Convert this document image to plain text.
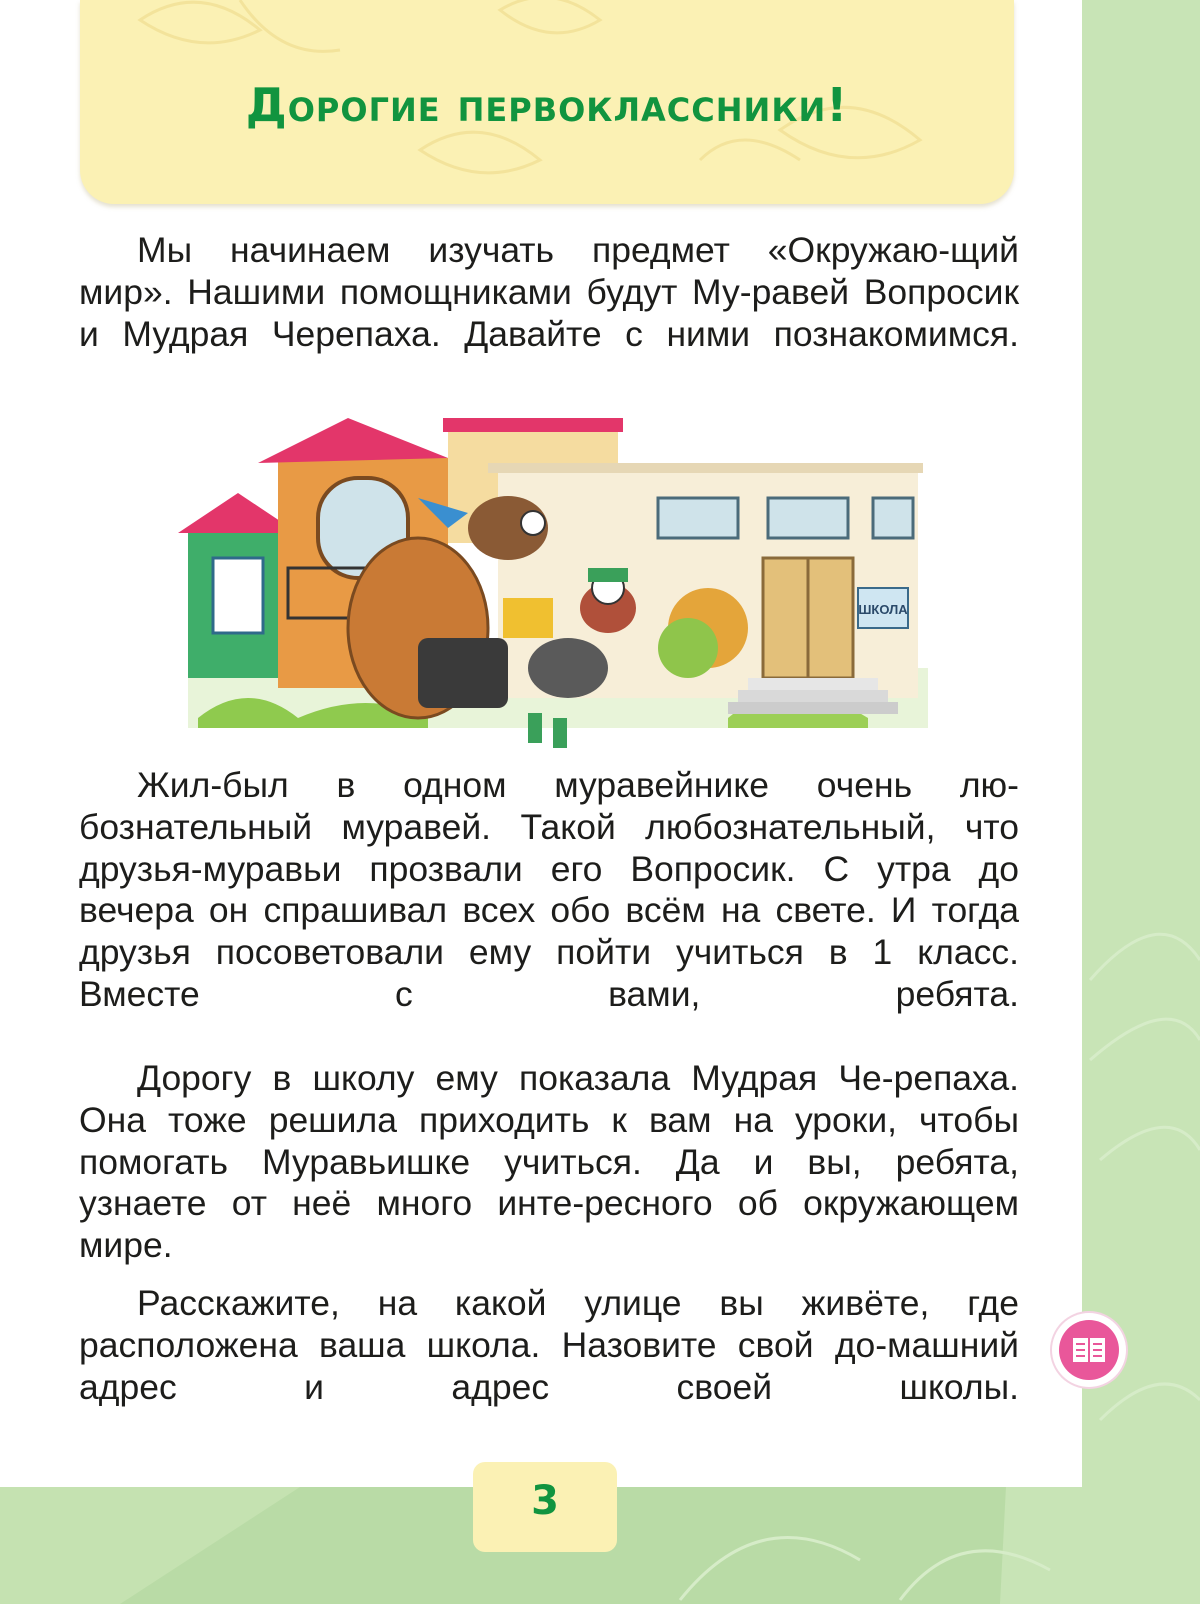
Дорогие первоклассники!

Мы начинаем изучать предмет «Окружаю-щий мир». Нашими помощниками будут Му-равей Вопросик и Мудрая Черепаха. Давайте с ними познакомимся.

ШКОЛА

Жил-был в одном муравейнике очень лю-бознательный муравей. Такой любознательный, что друзья-муравьи прозвали его Вопросик. С утра до вечера он спрашивал всех обо всём на свете. И тогда друзья посоветовали ему пойти учиться в 1 класс. Вместе с вами, ребята.

Дорогу в школу ему показала Мудрая Че-репаха. Она тоже решила приходить к вам на уроки, чтобы помогать Муравьишке учиться. Да и вы, ребята, узнаете от неё много инте-ресного об окружающем мире.

Расскажите, на какой улице вы живёте, где расположена ваша школа. Назовите свой до-машний адрес и адрес своей школы.

3
